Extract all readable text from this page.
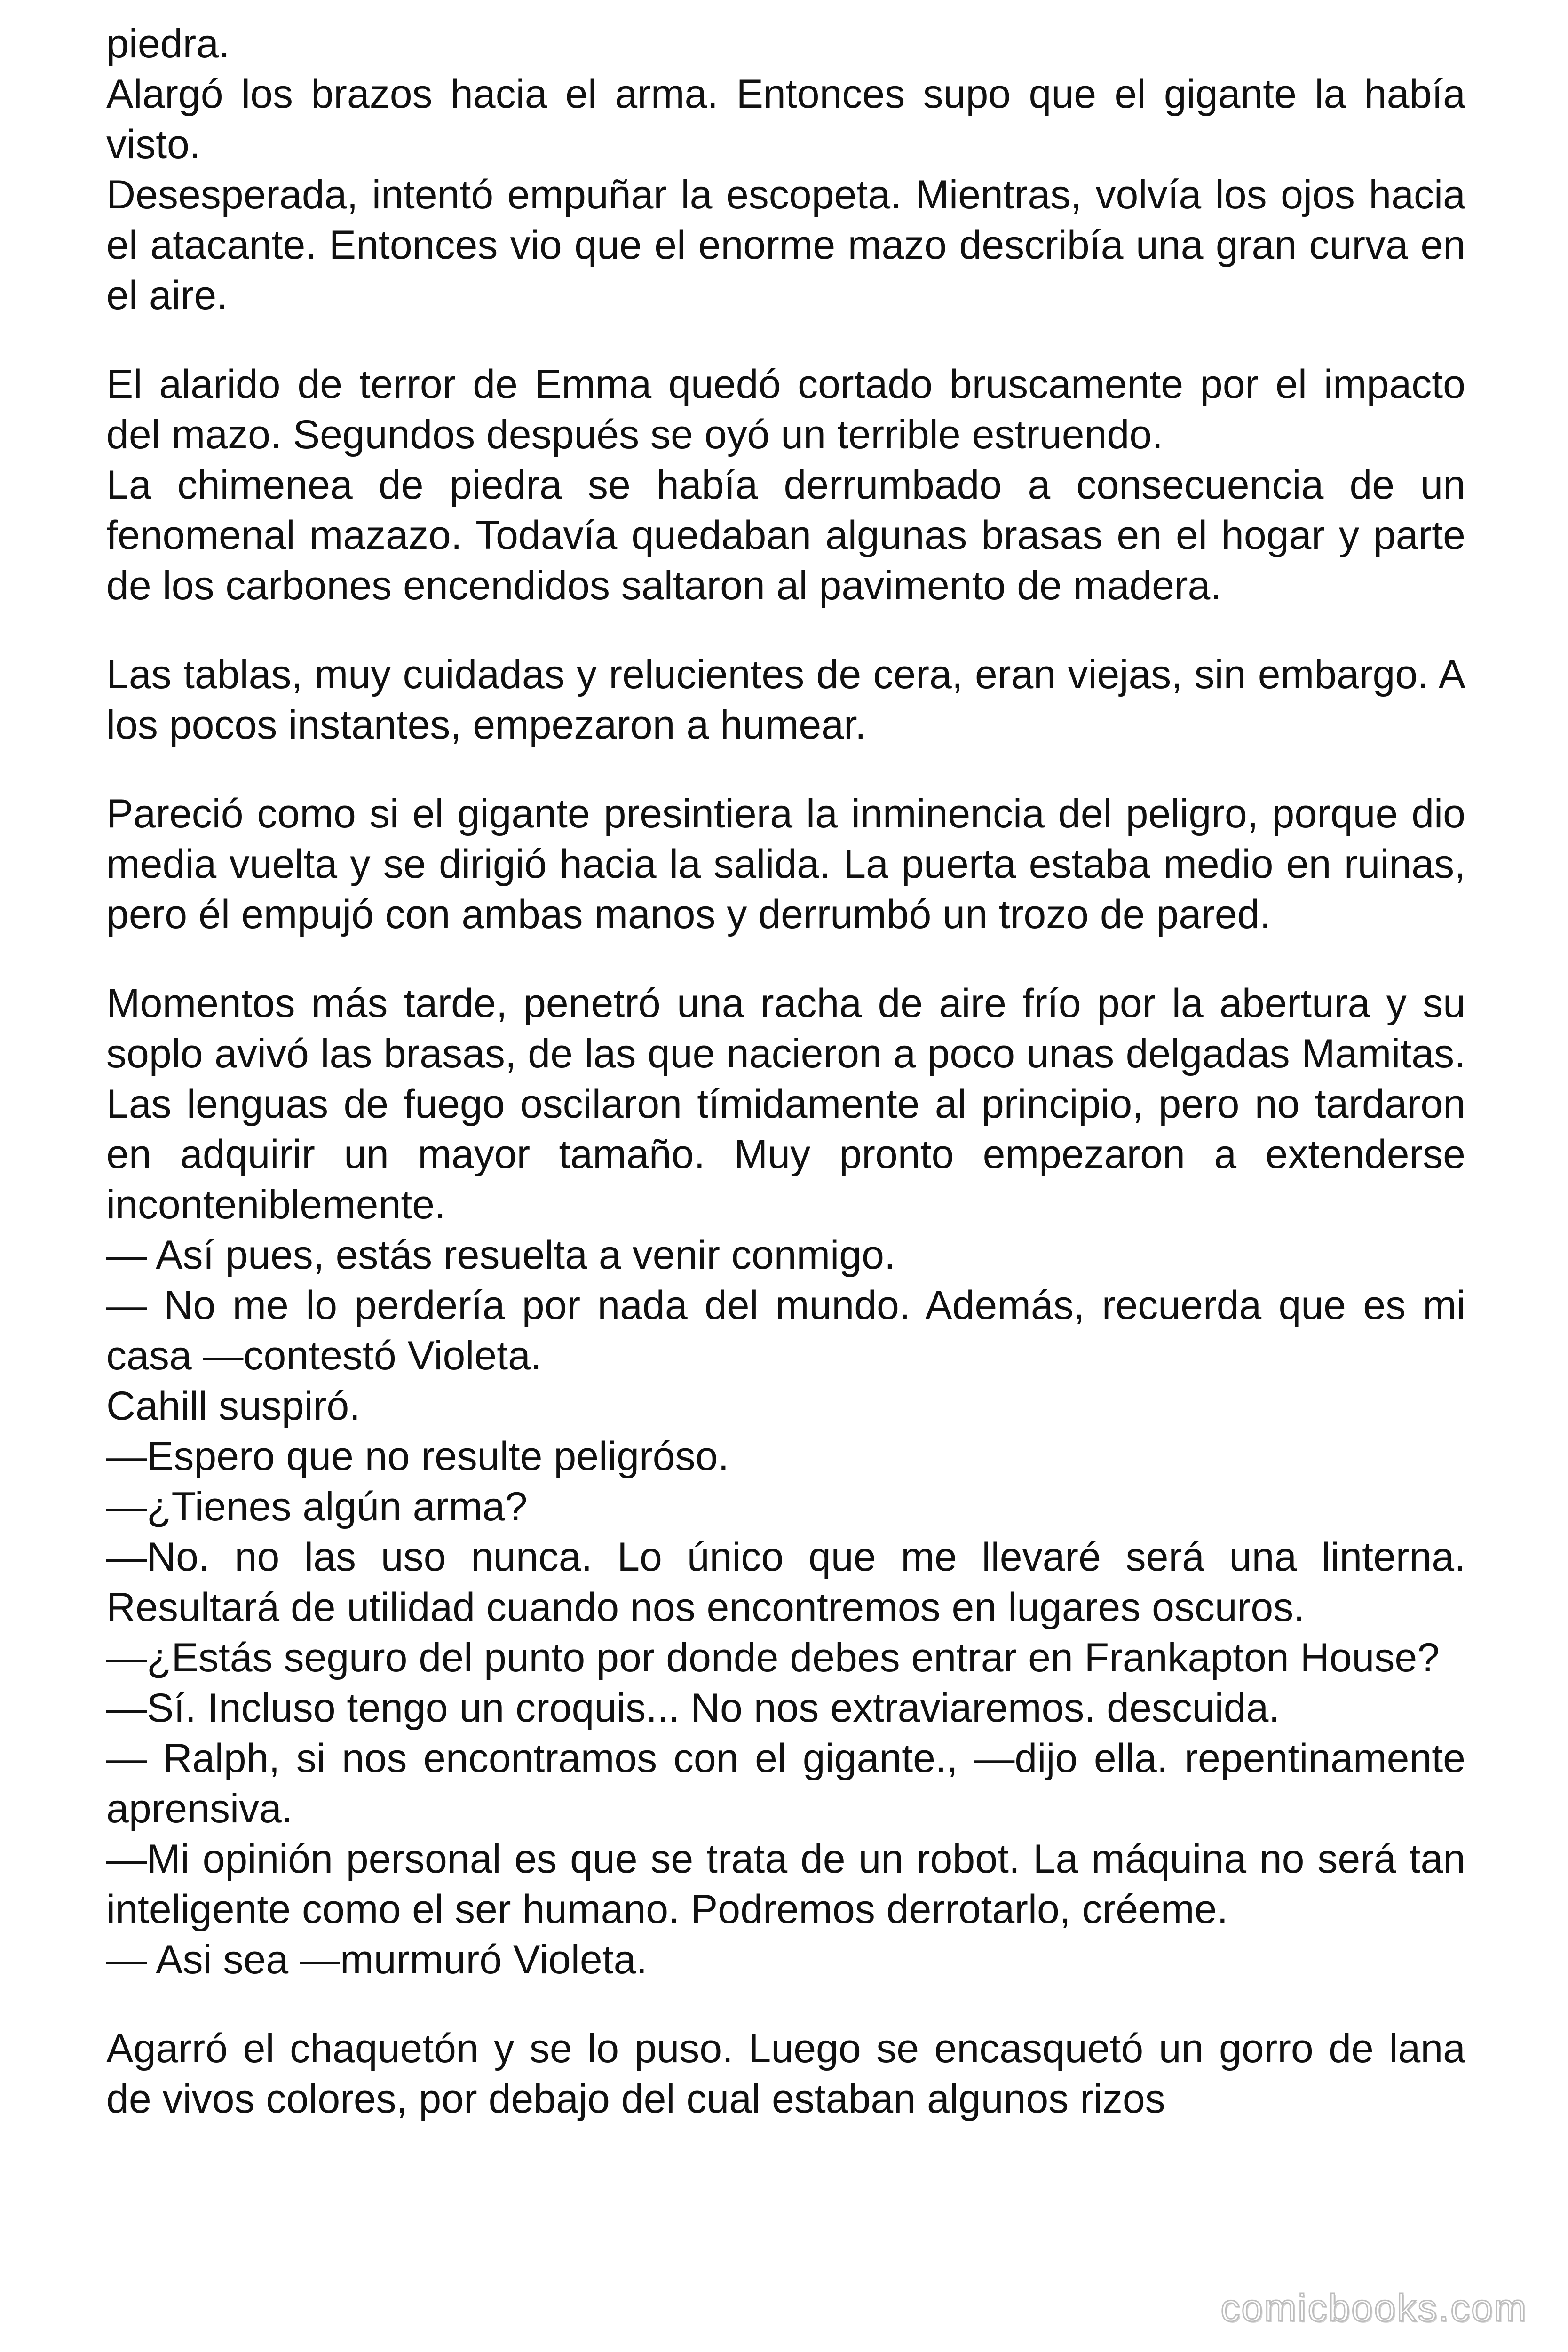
piedra.

Alargó los brazos hacia el arma. Entonces supo que el gigante la había visto.

Desesperada, intentó empuñar la escopeta. Mientras, volvía los ojos hacia el atacante. Entonces vio que el enorme mazo describía una gran curva en el aire.

El alarido de terror de Emma quedó cortado bruscamente por el impacto del mazo. Segundos después se oyó un terrible estruendo.

La chimenea de piedra se había derrumbado a consecuencia de un fenomenal mazazo. Todavía quedaban algunas brasas en el hogar y parte de los carbones encendidos saltaron al pavimento de madera.

Las tablas, muy cuidadas y relucientes de cera, eran viejas, sin embargo. A los pocos instantes, empezaron a humear.

Pareció como si el gigante presintiera la inminencia del peligro, porque dio media vuelta y se dirigió hacia la salida. La puerta estaba medio en ruinas, pero él empujó con ambas manos y derrumbó un trozo de pared.

Momentos más tarde, penetró una racha de aire frío por la abertura y su soplo avivó las brasas, de las que nacieron a poco unas delgadas Mamitas. Las lenguas de fuego oscilaron tímidamente al principio, pero no tardaron en adquirir un mayor tamaño. Muy pronto empezaron a extenderse inconteniblemente.

— Así pues, estás resuelta a venir conmigo.

— No me lo perdería por nada del mundo. Además, recuerda que es mi casa —contestó Violeta.

Cahill suspiró.

—Espero que no resulte peligróso.

—¿Tienes algún arma?

—No. no las uso nunca. Lo único que me llevaré será una linterna. Resultará de utilidad cuando nos encontremos en lugares oscuros.

—¿Estás seguro del punto por donde debes entrar en Frankapton House?

—Sí. Incluso tengo un croquis... No nos extraviaremos. descuida.

— Ralph, si nos encontramos con el gigante., —dijo ella. repentinamente aprensiva.

—Mi opinión personal es que se trata de un robot. La máquina no será tan inteligente como el ser humano. Podremos derrotarlo, créeme.

— Asi sea —murmuró Violeta.

Agarró el chaquetón y se lo puso. Luego se encasquetó un gorro de lana de vivos colores, por debajo del cual estaban algunos rizos

comicbooks.com
